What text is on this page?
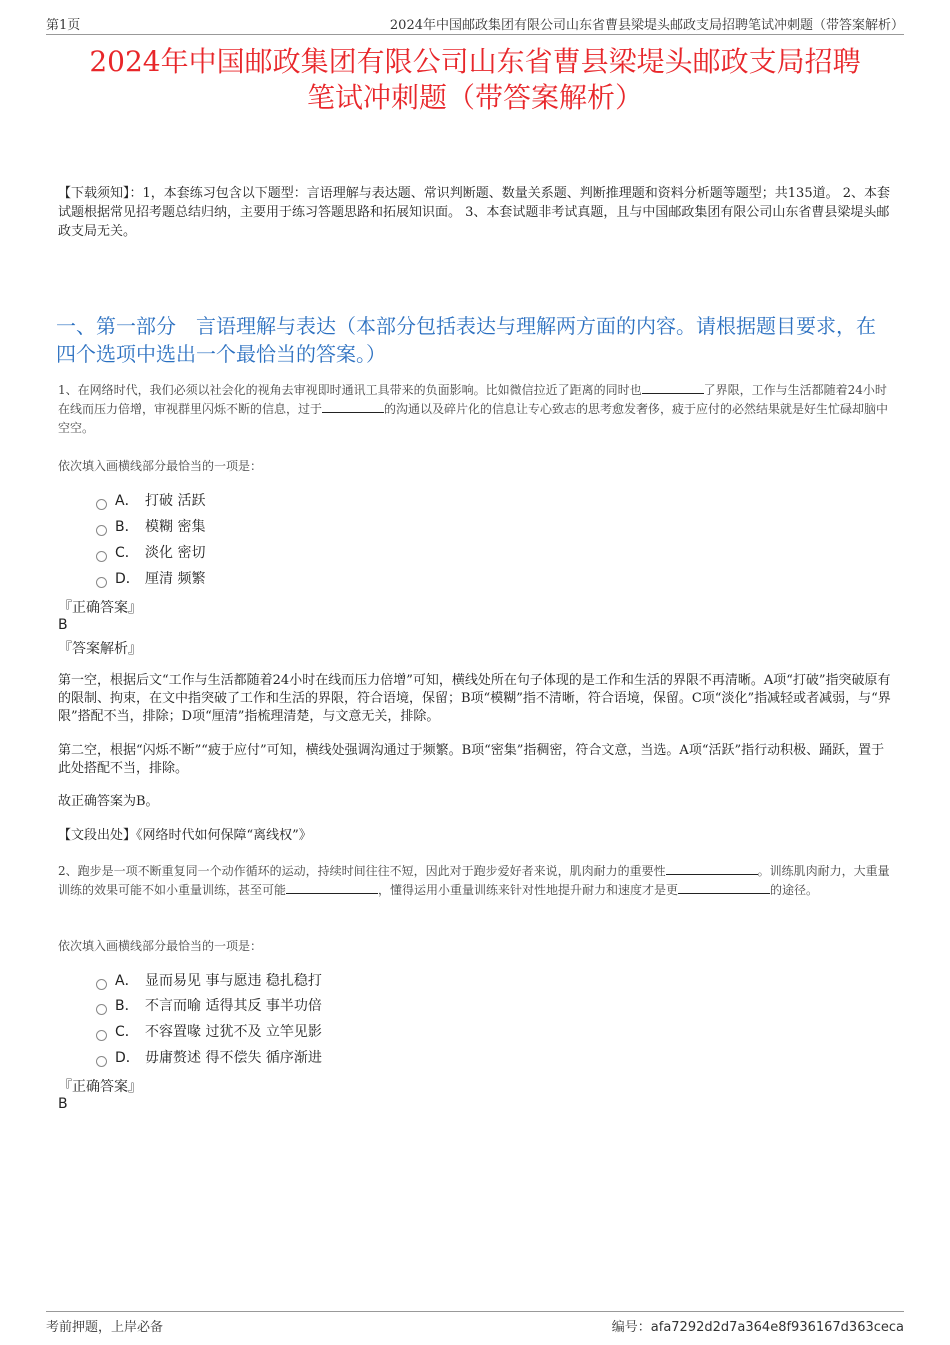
第1页	2024年中国邮政集团有限公司山东省曹县梁堤头邮政支局招聘笔试冲刺题（带答案解析）
2024年中国邮政集团有限公司山东省曹县梁堤头邮政支局招聘
笔试冲刺题（带答案解析）
【下载须知】：1，本套练习包含以下题型：言语理解与表达题、常识判断题、数量关系题、判断推理题和资料分析题等题型；共135道。 2、本套试题根据常见招考题总结归纳，主要用于练习答题思路和拓展知识面。 3、本套试题非考试真题，且与中国邮政集团有限公司山东省曹县梁堤头邮政支局无关。
一、第一部分　言语理解与表达（本部分包括表达与理解两方面的内容。请根据题目要求，在四个选项中选出一个最恰当的答案。）
1、在网络时代，我们必须以社会化的视角去审视即时通讯工具带来的负面影响。比如微信拉近了距离的同时也	了界限，工作与生活都随着24小时在线而压力倍增，审视群里闪烁不断的信息，过于	的沟通以及碎片化的信息让专心致志的思考愈发奢侈，疲于应付的必然结果就是好生忙碌却脑中空空。
依次填入画横线部分最恰当的一项是：
A． 打破 活跃
B． 模糊 密集
C． 淡化 密切
D． 厘清 频繁
『正确答案』
B
『答案解析』
第一空，根据后文“工作与生活都随着24小时在线而压力倍增”可知，横线处所在句子体现的是工作和生活的界限不再清晰。A项“打破”指突破原有的限制、拘束，在文中指突破了工作和生活的界限，符合语境，保留；B项“模糊”指不清晰，符合语境，保留。C项“淡化”指减轻或者减弱，与“界限”搭配不当，排除；D项“厘清”指梳理清楚，与文意无关，排除。
第二空，根据“闪烁不断”“疲于应付”可知，横线处强调沟通过于频繁。B项“密集”指稠密，符合文意，当选。A项“活跃”指行动积极、踊跃，置于此处搭配不当，排除。
故正确答案为B。
【文段出处】《网络时代如何保障“离线权”》
2、跑步是一项不断重复同一个动作循环的运动，持续时间往往不短，因此对于跑步爱好者来说，肌肉耐力的重要性	。训练肌肉耐力，大重量训练的效果可能不如小重量训练，甚至可能	，懂得运用小重量训练来针对性地提升耐力和速度才是更	的途径。
依次填入画横线部分最恰当的一项是：
A． 显而易见 事与愿违 稳扎稳打
B． 不言而喻 适得其反 事半功倍
C． 不容置喙 过犹不及 立竿见影
D． 毋庸赘述 得不偿失 循序渐进
『正确答案』
B
考前押题，上岸必备	编号：afa7292d2d7a364e8f936167d363ceca
